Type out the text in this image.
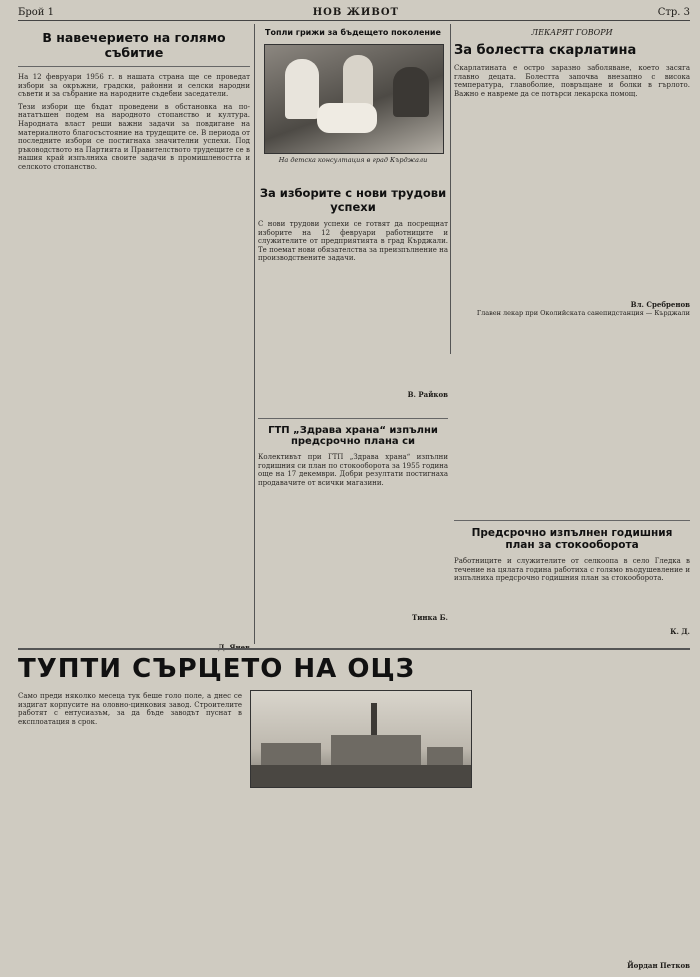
Брой 1	НОВ ЖИВОТ	Стр. 3
В навечерието на голямо събитие
На 12 февруари 1956 г. в нашата страна ще се проведат избори за окръжни, градски, районни и селски народни съвети и за събрание на народните съдебни заседатели.
Тези избори ще бъдат проведени в обстановка на по-нататъшен подем на народното стопанство и култура. Народната власт реши важни задачи за повдигане на материалното благосъстояние на трудещите се. В периода от последните избори се постигнаха значителни успехи. Под ръководството на Партията и Правителството трудещите се в нашия край изпълниха своите задачи в промишлеността и селското стопанство.
Топли грижи за бъдещето поколение
На детска консултация в град Кърджали
ЛЕКАРЯТ ГОВОРИ
За болестта скарлатина
Скарлатината е остро заразно заболяване, което засяга главно децата. Болестта започва внезапно с висока температура, главоболие, повръщане и болки в гърлото. Важно е навреме да се потърси лекарска помощ.
Вл. Сребренов
Главен лекар при Околийската санепидстанция — Кърджали
За изборите с нови трудови успехи
С нови трудови успехи се готвят да посрещнат изборите на 12 февруари работниците и служителите от предприятията в град Кърджали. Те поемат нови обязателства за преизпълнение на производствените задачи.
В. Райков
ГТП „Здрава храна“ изпълни предсрочно плана си
Колективът при ГТП „Здрава храна“ изпълни годишния си план по стокооборота за 1955 година още на 17 декември. Добри резултати постигнаха продавачите от всички магазини.
Тинка Б.
Предсрочно изпълнен годишния план за стокооборота
Работниците и служителите от селкоопа в село Гледка в течение на цялата година работиха с голямо въодушевление и изпълниха предсрочно годишния план за стокооборота.
К. Д.
ТУПТИ СЪРЦЕТО НА ОЦЗ
Само преди няколко месеца тук беше голо поле, а днес се издигат корпусите на оловно-цинковия завод. Строителите работят с ентусиазъм, за да бъде заводът пуснат в експлоатация в срок.
Йордан Петков
